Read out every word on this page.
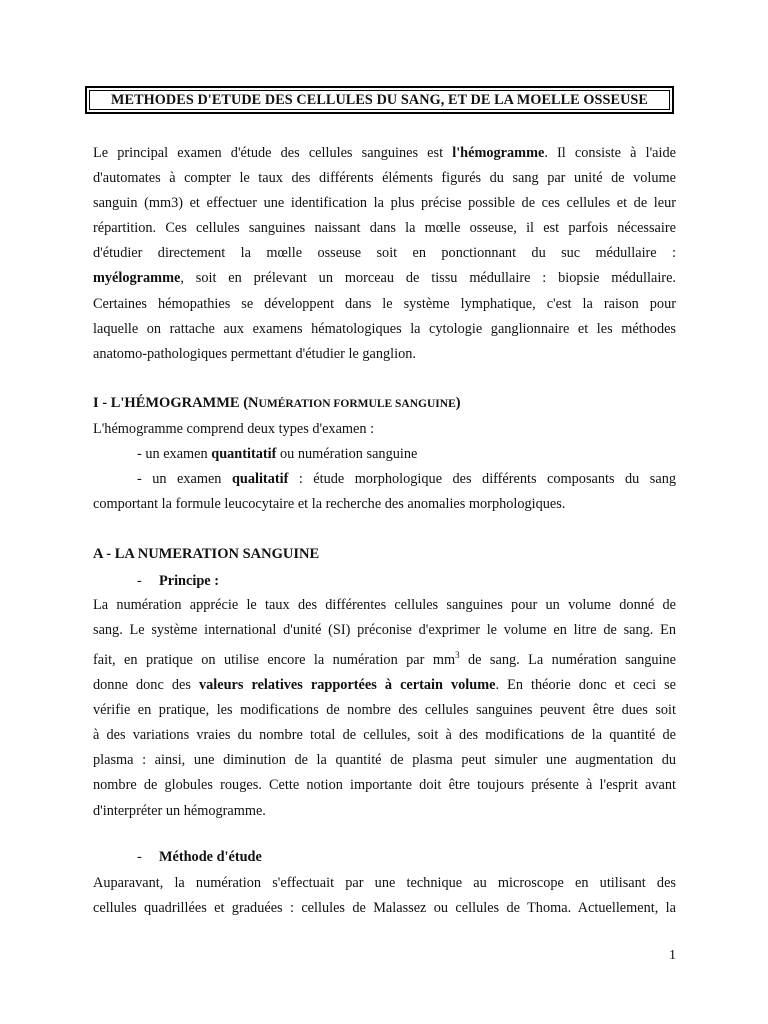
METHODES D'ETUDE DES CELLULES DU SANG, ET DE LA MOELLE OSSEUSE
Le principal examen d'étude des cellules sanguines est l'hémogramme. Il consiste à l'aide
d'automates à compter le taux des différents éléments figurés du sang par unité de volume
sanguin (mm3) et effectuer une identification la plus précise possible de ces cellules et de leur
répartition. Ces cellules sanguines naissant dans la mœlle osseuse, il est parfois nécessaire
d'étudier directement la mœlle osseuse soit en ponctionnant du suc médullaire :
myélogramme, soit en prélevant un morceau de tissu médullaire : biopsie médullaire.
Certaines hémopathies se développent dans le système lymphatique, c'est la raison pour
laquelle on rattache aux examens hématologiques la cytologie ganglionnaire et les méthodes
anatomo-pathologiques permettant d'étudier le ganglion.
I - L'HÉMOGRAMME (NUMÉRATION FORMULE SANGUINE)
L'hémogramme comprend deux types d'examen :
- un examen quantitatif ou numération sanguine
- un examen qualitatif : étude morphologique des différents composants du sang
comportant la formule leucocytaire et la recherche des anomalies morphologiques.
A - LA NUMERATION SANGUINE
- Principe :
La numération apprécie le taux des différentes cellules sanguines pour un volume donné de
sang. Le système international d'unité (SI) préconise d'exprimer le volume en litre de sang. En
fait, en pratique on utilise encore la numération par $mm^3$ de sang. La numération sanguine
donne donc des valeurs relatives rapportées à certain volume. En théorie donc et ceci se
vérifie en pratique, les modifications de nombre des cellules sanguines peuvent être dues soit
à des variations vraies du nombre total de cellules, soit à des modifications de la quantité de
plasma : ainsi, une diminution de la quantité de plasma peut simuler une augmentation du
nombre de globules rouges. Cette notion importante doit être toujours présente à l'esprit avant
d'interpréter un hémogramme.
- Méthode d'étude
Auparavant, la numération s'effectuait par une technique au microscope en utilisant des
cellules quadrillées et graduées : cellules de Malassez ou cellules de Thoma. Actuellement, la
1
